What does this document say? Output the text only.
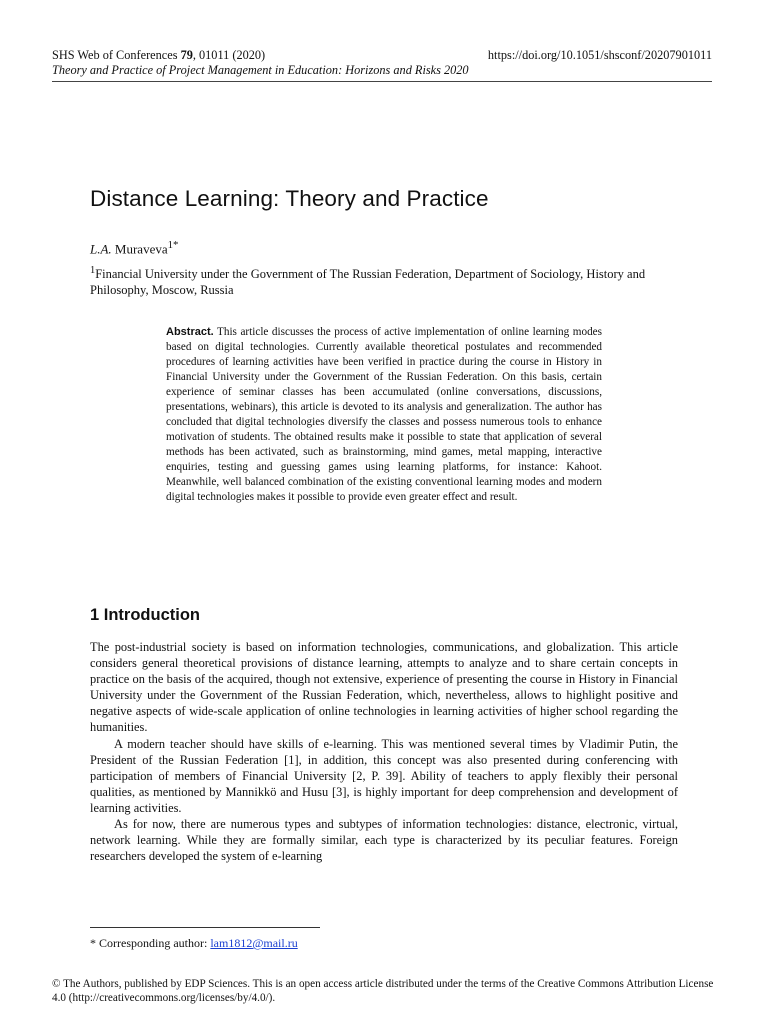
SHS Web of Conferences 79, 01011 (2020)	https://doi.org/10.1051/shsconf/20207901011
Theory and Practice of Project Management in Education: Horizons and Risks 2020
Distance Learning: Theory and Practice
L.A. Muraveva$^{1*}$
$^1$Financial University under the Government of The Russian Federation, Department of Sociology, History and Philosophy, Moscow, Russia
Abstract. This article discusses the process of active implementation of online learning modes based on digital technologies. Currently available theoretical postulates and recommended procedures of learning activities have been verified in practice during the course in History in Financial University under the Government of the Russian Federation. On this basis, certain experience of seminar classes has been accumulated (online conversations, discussions, presentations, webinars), this article is devoted to its analysis and generalization. The author has concluded that digital technologies diversify the classes and possess numerous tools to enhance motivation of students. The obtained results make it possible to state that application of several methods has been activated, such as brainstorming, mind games, metal mapping, interactive enquiries, testing and guessing games using learning platforms, for instance: Kahoot. Meanwhile, well balanced combination of the existing conventional learning modes and modern digital technologies makes it possible to provide even greater effect and result.
1 Introduction

The post-industrial society is based on information technologies, communications, and globalization. This article considers general theoretical provisions of distance learning, attempts to analyze and to share certain concepts in practice on the basis of the acquired, though not extensive, experience of presenting the course in History in Financial University under the Government of the Russian Federation, which, nevertheless, allows to highlight positive and negative aspects of wide-scale application of online technologies in learning activities of higher school regarding the humanities.

A modern teacher should have skills of e-learning. This was mentioned several times by Vladimir Putin, the President of the Russian Federation [1], in addition, this concept was also presented during conferencing with participation of members of Financial University [2, P. 39]. Ability of teachers to apply flexibly their personal qualities, as mentioned by Mannikkö and Husu [3], is highly important for deep comprehension and development of learning activities.

As for now, there are numerous types and subtypes of information technologies: distance, electronic, virtual, network learning. While they are formally similar, each type is characterized by its peculiar features. Foreign researchers developed the system of e-learning

* Corresponding author: lam1812@mail.ru
© The Authors, published by EDP Sciences. This is an open access article distributed under the terms of the Creative Commons Attribution License 4.0 (http://creativecommons.org/licenses/by/4.0/).
